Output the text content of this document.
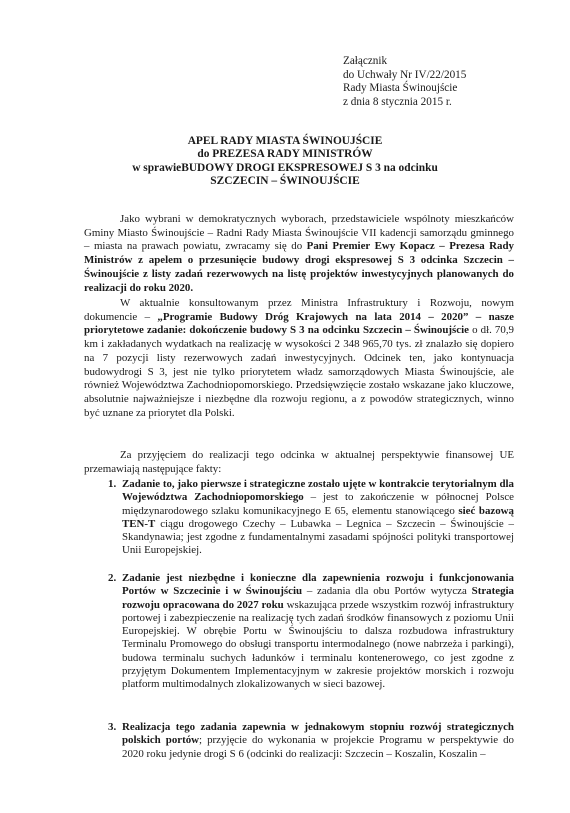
Załącznik
do Uchwały Nr IV/22/2015
Rady Miasta Świnoujście
z dnia 8 stycznia 2015 r.
APEL RADY MIASTA ŚWINOUJŚCIE
do PREZESA RADY MINISTRÓW
w sprawieBUDOWY DROGI EKSPRESOWEJ S 3 na odcinku
SZCZECIN – ŚWINOUJŚCIE
Jako wybrani w demokratycznych wyborach, przedstawiciele wspólnoty mieszkańców Gminy Miasto Świnoujście – Radni Rady Miasta Świnoujście VII kadencji samorządu gminnego – miasta na prawach powiatu, zwracamy się do Pani Premier Ewy Kopacz – Prezesa Rady Ministrów z apelem o przesunięcie budowy drogi ekspresowej S 3 odcinka Szczecin – Świnoujście z listy zadań rezerwowych na listę projektów inwestycyjnych planowanych do realizacji do roku 2020.
W aktualnie konsultowanym przez Ministra Infrastruktury i Rozwoju, nowym dokumencie – „Programie Budowy Dróg Krajowych na lata 2014 – 2020” – nasze priorytetowe zadanie: dokończenie budowy S 3 na odcinku Szczecin – Świnoujście o dł. 70,9 km i zakładanych wydatkach na realizację w wysokości 2 348 965,70 tys. zł znalazło się dopiero na 7 pozycji listy rezerwowych zadań inwestycyjnych. Odcinek ten, jako kontynuacja budowydrogi S 3, jest nie tylko priorytetem władz samorządowych Miasta Świnoujście, ale również Województwa Zachodniopomorskiego. Przedsięwzięcie zostało wskazane jako kluczowe, absolutnie najważniejsze i niezbędne dla rozwoju regionu, a z powodów strategicznych, winno być uznane za priorytet dla Polski.
Za przyjęciem do realizacji tego odcinka w aktualnej perspektywie finansowej UE przemawiają następujące fakty:
1. Zadanie to, jako pierwsze i strategiczne zostało ujęte w kontrakcie terytorialnym dla Województwa Zachodniopomorskiego – jest to zakończenie w północnej Polsce międzynarodowego szlaku komunikacyjnego E 65, elementu stanowiącego sieć bazową TEN-T ciągu drogowego Czechy – Lubawka – Legnica – Szczecin – Świnoujście – Skandynawia; jest zgodne z fundamentalnymi zasadami spójności polityki transportowej Unii Europejskiej.
2. Zadanie jest niezbędne i konieczne dla zapewnienia rozwoju i funkcjonowania Portów w Szczecinie i w Świnoujściu – zadania dla obu Portów wytycza Strategia rozwoju opracowana do 2027 roku wskazująca przede wszystkim rozwój infrastruktury portowej i zabezpieczenie na realizację tych zadań środków finansowych z poziomu Unii Europejskiej. W obrębie Portu w Świnoujściu to dalsza rozbudowa infrastruktury Terminalu Promowego do obsługi transportu intermodalnego (nowe nabrzeża i parkingi), budowa terminalu suchych ładunków i terminalu kontenerowego, co jest zgodne z przyjętym Dokumentem Implementacyjnym w zakresie projektów morskich i rozwoju platform multimodalnych zlokalizowanych w sieci bazowej.
3. Realizacja tego zadania zapewnia w jednakowym stopniu rozwój strategicznych polskich portów; przyjęcie do wykonania w projekcie Programu w perspektywie do 2020 roku jedynie drogi S 6 (odcinki do realizacji: Szczecin – Koszalin, Koszalin –
